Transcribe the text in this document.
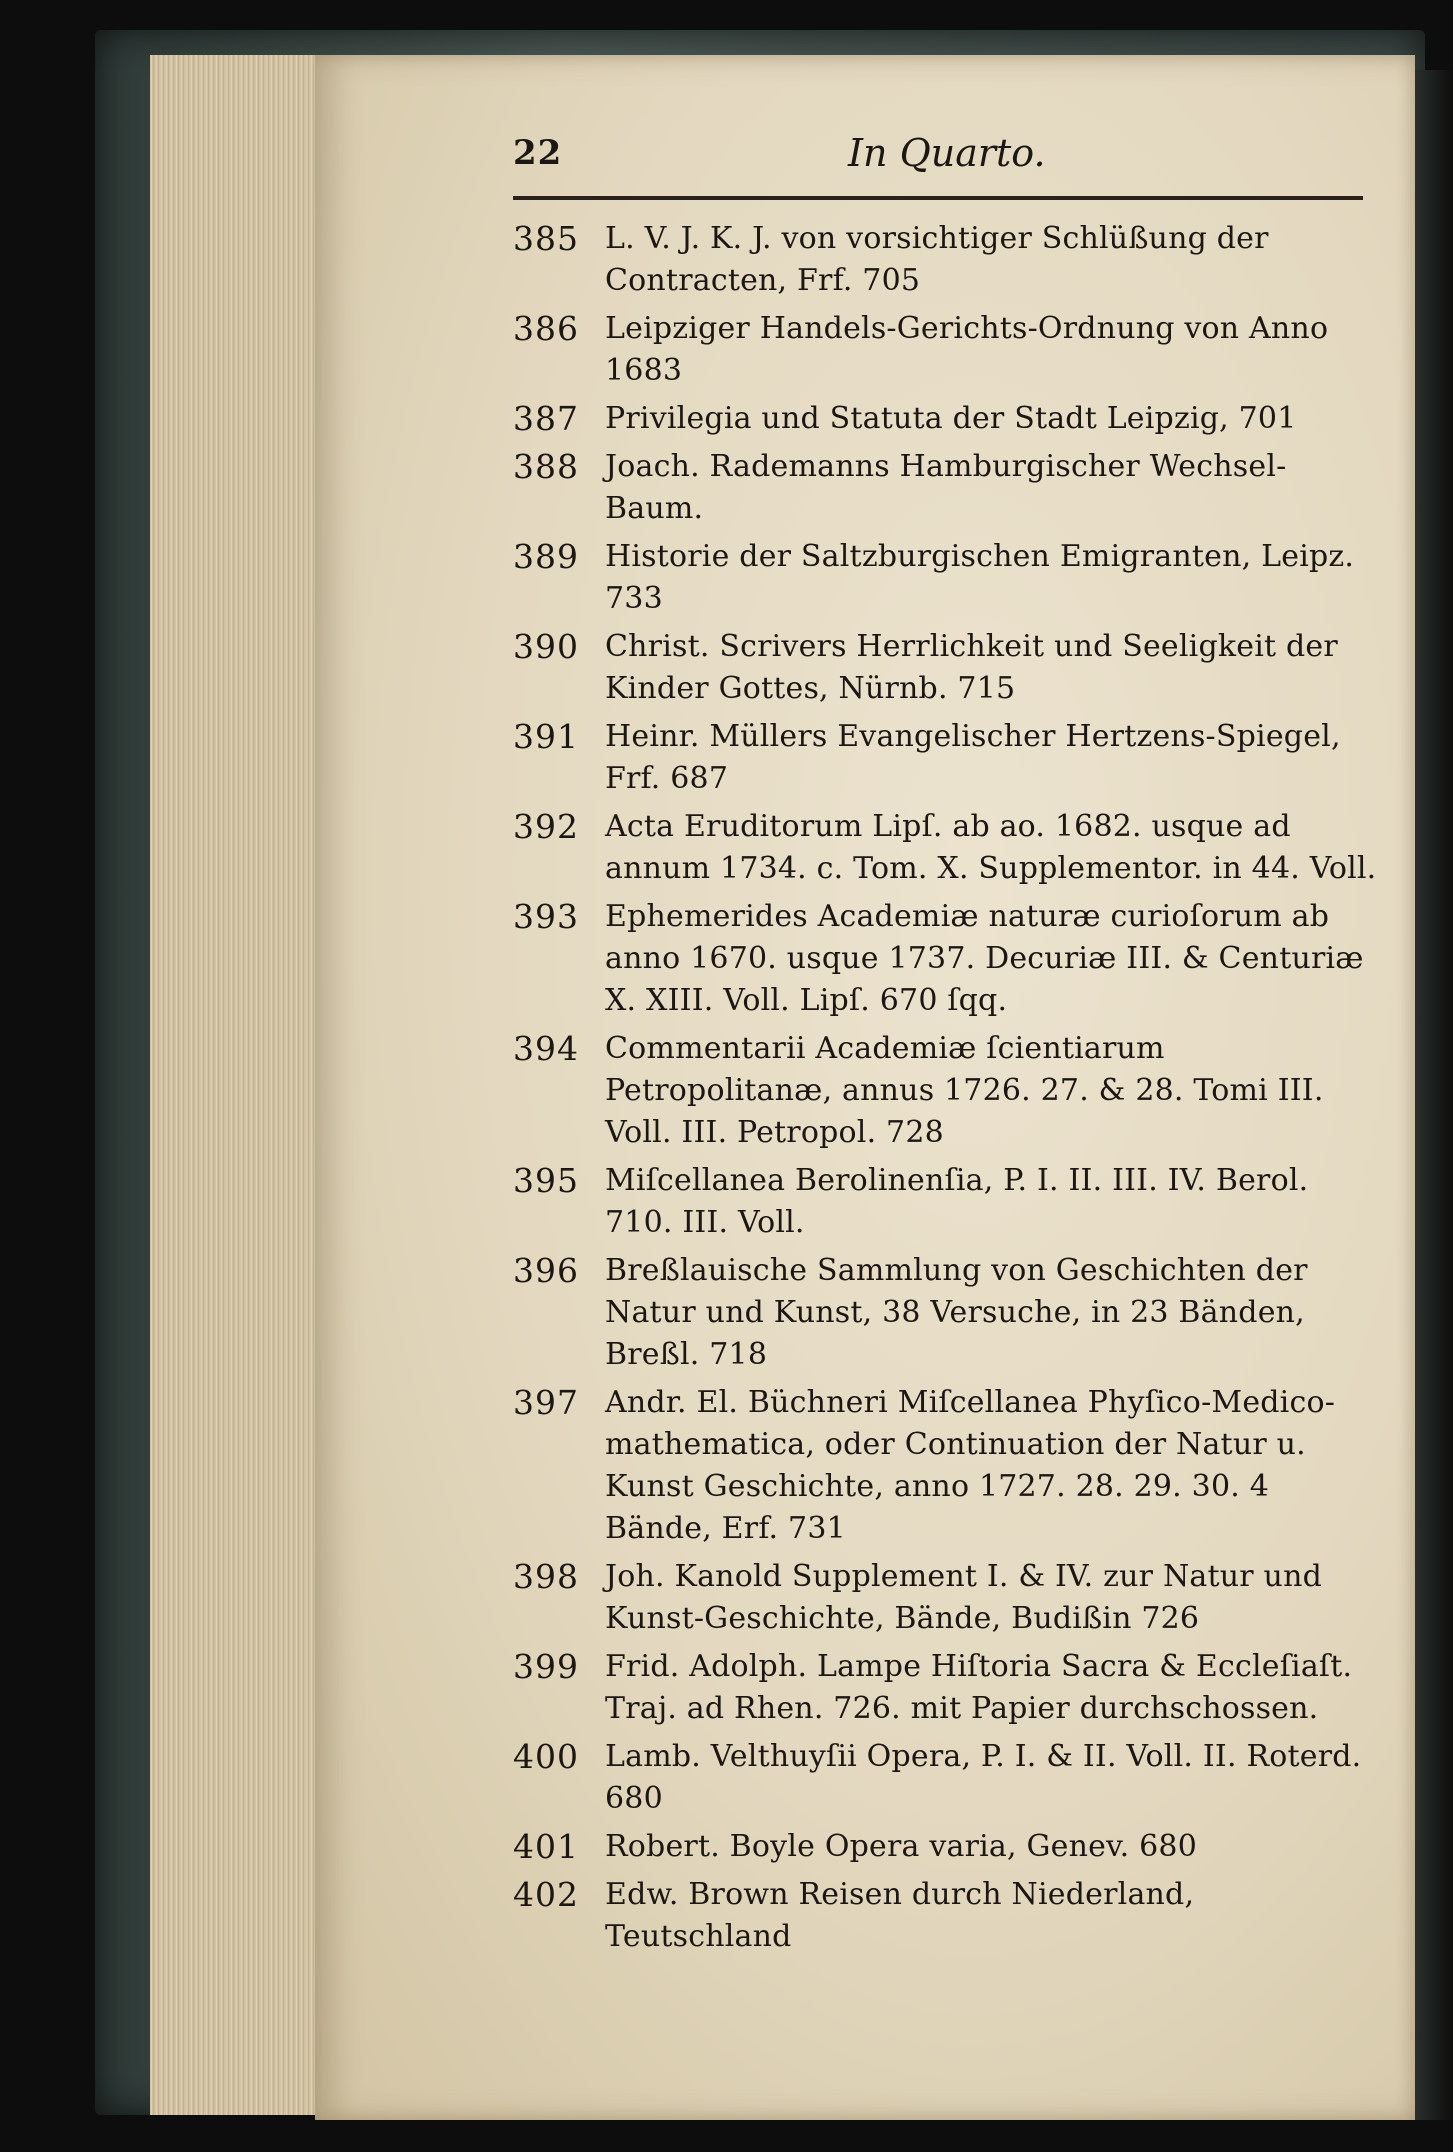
22	In Quarto.
385 L. V. J. K. J. von vorsichtiger Schlüßung der Contracten, Frf. 705
386 Leipziger Handels-Gerichts-Ordnung von Anno 1683
387 Privilegia und Statuta der Stadt Leipzig, 701
388 Joach. Rademanns Hamburgischer Wechsel-Baum.
389 Historie der Saltzburgischen Emigranten, Leipz. 733
390 Christ. Scrivers Herrlichkeit und Seeligkeit der Kinder Gottes, Nürnb. 715
391 Heinr. Müllers Evangelischer Hertzens-Spiegel, Frf. 687
392 Acta Eruditorum Lipſ. ab ao. 1682. usque ad annum 1734. c. Tom. X. Supplementor. in 44. Voll.
393 Ephemerides Academiæ naturæ curioſorum ab anno 1670. usque 1737. Decuriæ III. & Centuriæ X. XIII. Voll. Lipſ. 670 ſqq.
394 Commentarii Academiæ ſcientiarum Petropolitanæ, annus 1726. 27. & 28. Tomi III. Voll. III. Petropol. 728
395 Miſcellanea Berolinenſia, P. I. II. III. IV. Berol. 710. III. Voll.
396 Breßlauische Sammlung von Geschichten der Natur und Kunst, 38 Versuche, in 23 Bänden, Breßl. 718
397 Andr. El. Büchneri Miſcellanea Phyſico-Medico-mathematica, oder Continuation der Natur u. Kunst Geschichte, anno 1727. 28. 29. 30. 4 Bände, Erf. 731
398 Joh. Kanold Supplement I. & IV. zur Natur und Kunst-Geschichte, Bände, Budißin 726
399 Frid. Adolph. Lampe Hiſtoria Sacra & Eccleſiaſt. Traj. ad Rhen. 726. mit Papier durchschossen.
400 Lamb. Velthuyſii Opera, P. I. & II. Voll. II. Roterd. 680
401 Robert. Boyle Opera varia, Genev. 680
402 Edw. Brown Reisen durch Niederland, Teutschland
